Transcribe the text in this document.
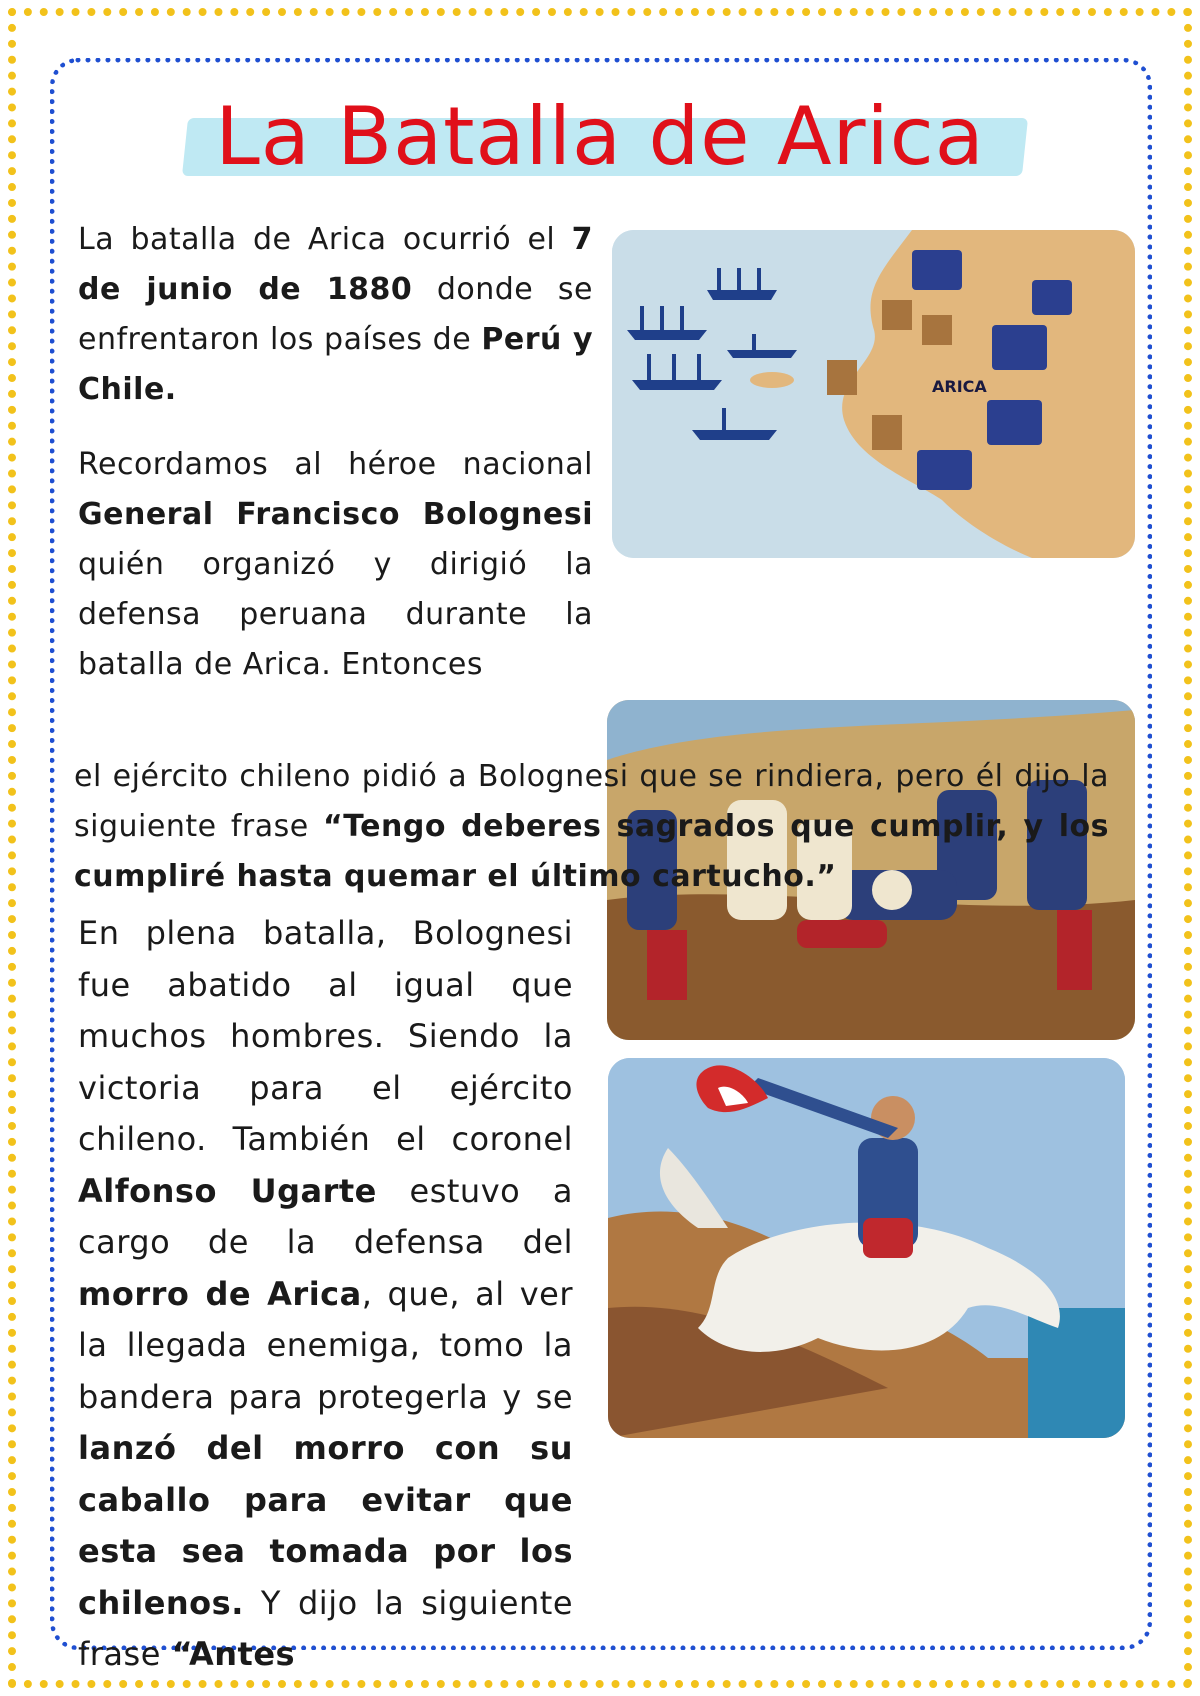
La Batalla de Arica

La batalla de Arica ocurrió el 7 de junio de 1880 donde se enfrentaron los países de Perú y Chile.

Recordamos al héroe nacional General Francisco Bolognesi quién organizó y dirigió la defensa peruana durante la batalla de Arica. Entonces

ARICA

el ejército chileno pidió a Bolognesi que se rindiera, pero él dijo la siguiente frase “Tengo deberes sagrados que cumplir, y los cumpliré hasta quemar el último cartucho.”

En plena batalla, Bolognesi fue abatido al igual que muchos hombres. Siendo la victoria para el ejército chileno. También el coronel Alfonso Ugarte estuvo a cargo de la defensa del morro de Arica, que, al ver la llegada enemiga, tomo la bandera para protegerla y se lanzó del morro con su caballo para evitar que esta sea tomada por los chilenos. Y dijo la siguiente frase “Antes
